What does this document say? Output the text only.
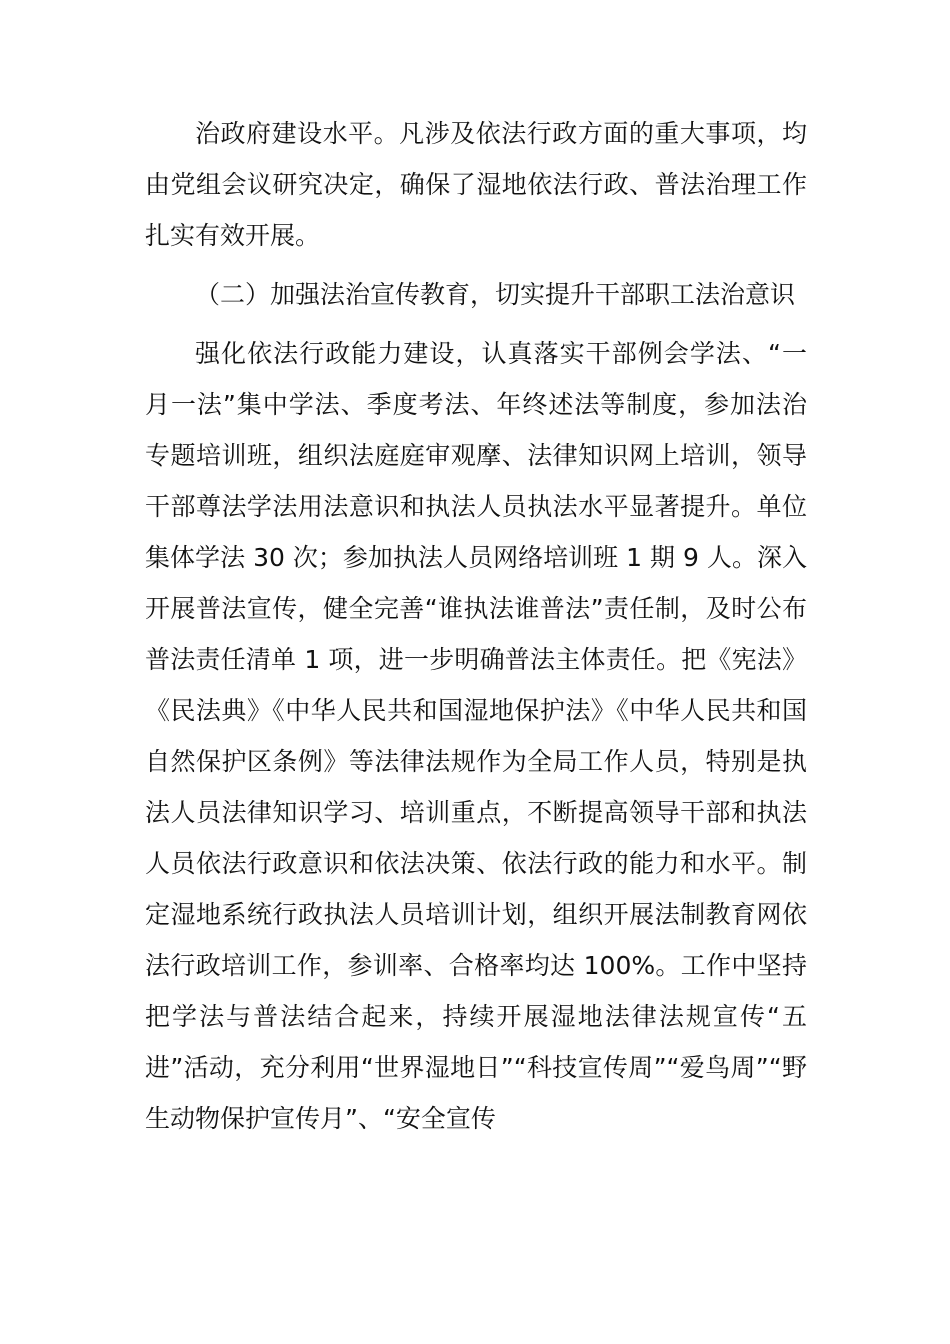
治政府建设水平。凡涉及依法行政方面的重大事项，均由党组会议研究决定，确保了湿地依法行政、普法治理工作扎实有效开展。

（二）加强法治宣传教育，切实提升干部职工法治意识

强化依法行政能力建设，认真落实干部例会学法、“一月一法”集中学法、季度考法、年终述法等制度，参加法治专题培训班，组织法庭庭审观摩、法律知识网上培训，领导干部尊法学法用法意识和执法人员执法水平显著提升。单位集体学法 30 次；参加执法人员网络培训班 1 期 9 人。深入开展普法宣传，健全完善“谁执法谁普法”责任制，及时公布普法责任清单 1 项，进一步明确普法主体责任。把《宪法》《民法典》《中华人民共和国湿地保护法》《中华人民共和国自然保护区条例》等法律法规作为全局工作人员，特别是执法人员法律知识学习、培训重点，不断提高领导干部和执法人员依法行政意识和依法决策、依法行政的能力和水平。制定湿地系统行政执法人员培训计划，组织开展法制教育网依法行政培训工作，参训率、合格率均达 100%。工作中坚持把学法与普法结合起来，持续开展湿地法律法规宣传“五进”活动，充分利用“世界湿地日”“科技宣传周”“爱鸟周”“野生动物保护宣传月”、“安全宣传
